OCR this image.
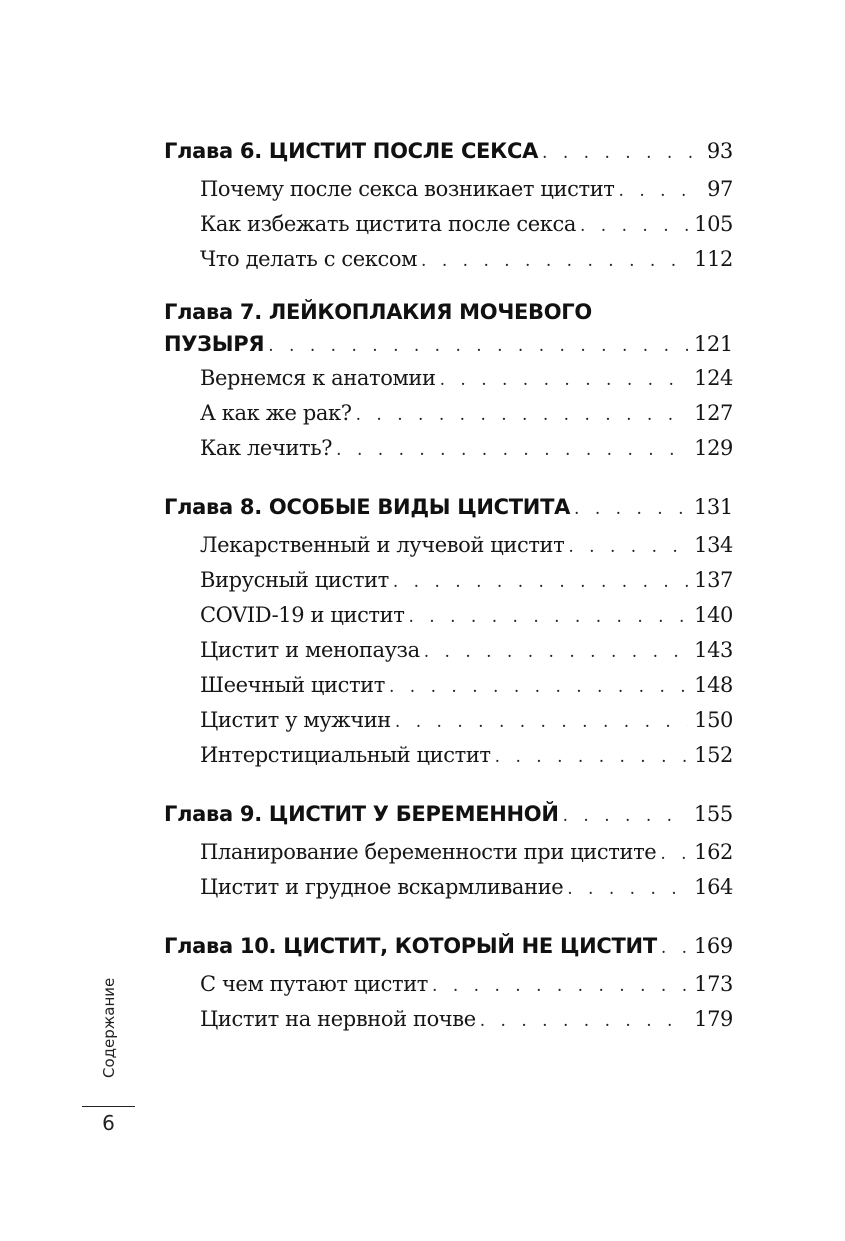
Глава 6. ЦИСТИТ ПОСЛЕ СЕКСА . . .	93
Почему после секса возникает цистит . . .	97
Как избежать цистита после секса . . .	105
Что делать с сексом . . .	112
Глава 7. ЛЕЙКОПЛАКИЯ МОЧЕВОГО
ПУЗЫРЯ . . .	121
Вернемся к анатомии . . .	124
А как же рак? . . .	127
Как лечить? . . .	129
Глава 8. ОСОБЫЕ ВИДЫ ЦИСТИТА . . .	131
Лекарственный и лучевой цистит . . .	134
Вирусный цистит . . .	137
COVID-19 и цистит . . .	140
Цистит и менопауза . . .	143
Шеечный цистит . . .	148
Цистит у мужчин . . .	150
Интерстициальный цистит . . .	152
Глава 9. ЦИСТИТ У БЕРЕМЕННОЙ . . .	155
Планирование беременности при цистите . . . 162
Цистит и грудное вскармливание . . .	164
Глава 10. ЦИСТИТ, КОТОРЫЙ НЕ ЦИСТИТ . . . 169
С чем путают цистит . . .	173
Цистит на нервной почве . . .	179
Содержание
6
